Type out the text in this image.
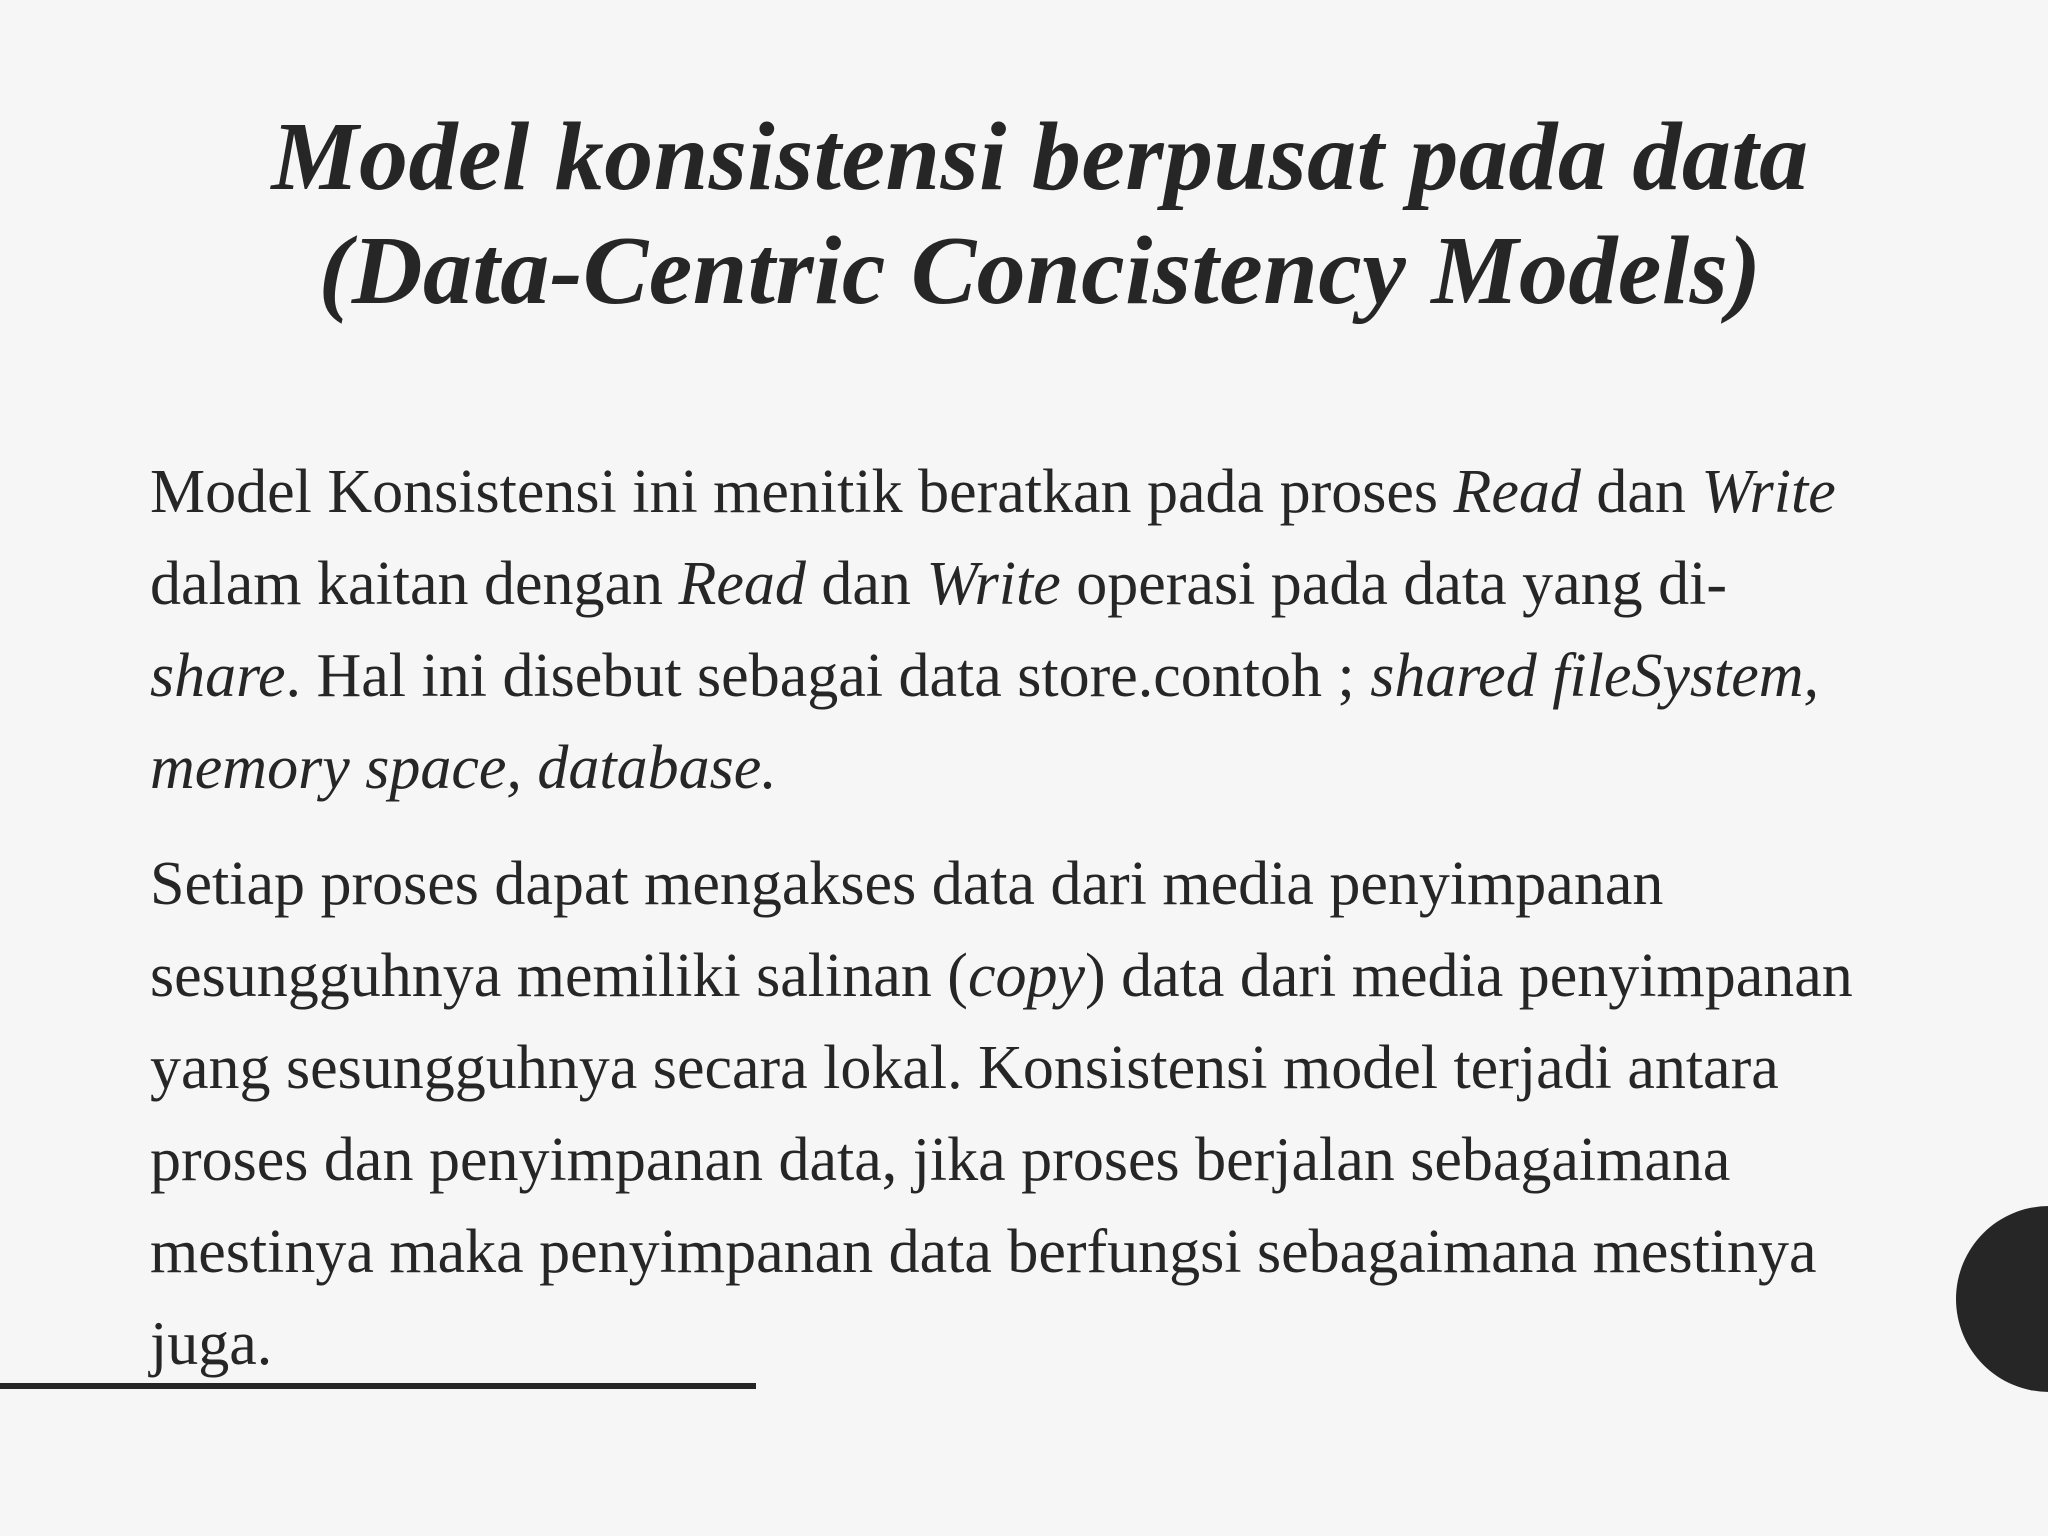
Model konsistensi berpusat pada data
(Data-Centric Concistency Models)

Model Konsistensi ini menitik beratkan pada proses Read dan Write dalam kaitan dengan Read dan Write operasi pada data yang di-share. Hal ini disebut sebagai data store.contoh ; shared fileSystem, memory space, database.

Setiap proses dapat mengakses data dari media penyimpanan sesungguhnya memiliki salinan (copy) data dari media penyimpanan yang sesungguhnya secara lokal. Konsistensi model terjadi antara proses dan penyimpanan data, jika proses berjalan sebagaimana mestinya maka penyimpanan data berfungsi sebagaimana mestinya juga.
